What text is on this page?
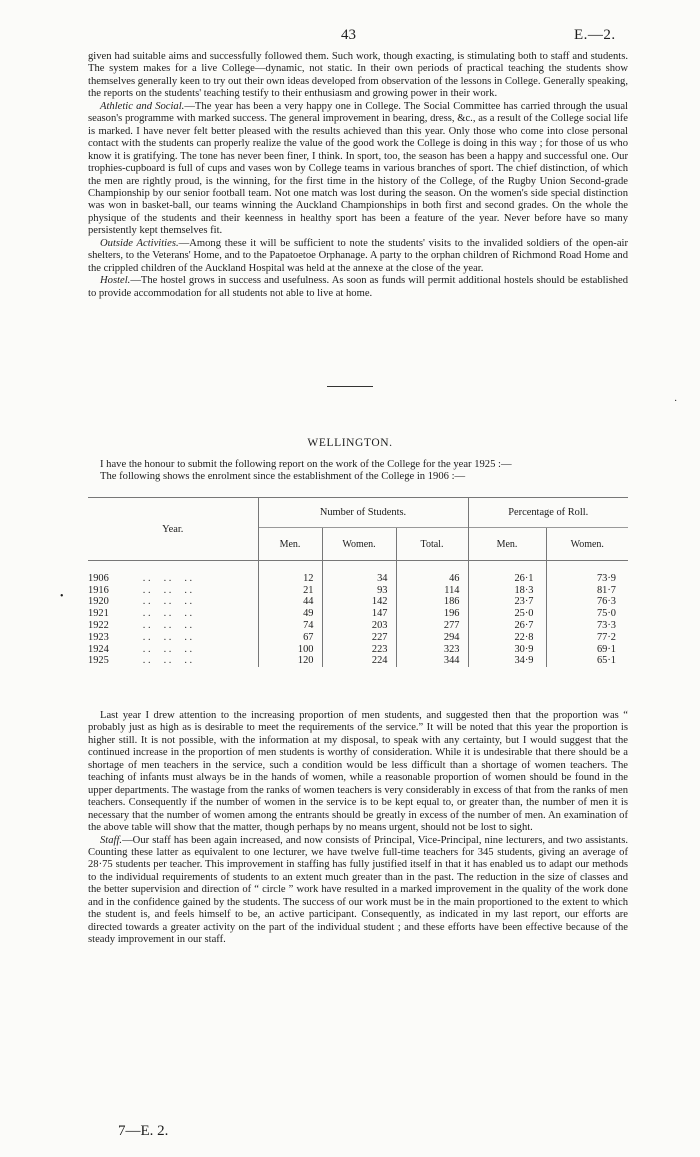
43	E.—2.

given had suitable aims and successfully followed them. Such work, though exacting, is stimulating both to staff and students. The system makes for a live College—dynamic, not static. In their own periods of practical teaching the students show themselves generally keen to try out their own ideas developed from observation of the lessons in College. Generally speaking, the reports on the students' teaching testify to their enthusiasm and growing power in their work.

Athletic and Social.—The year has been a very happy one in College. The Social Committee has carried through the usual season's programme with marked success. The general improvement in bearing, dress, &c., as a result of the College social life is marked. I have never felt better pleased with the results achieved than this year. Only those who come into close personal contact with the students can properly realize the value of the good work the College is doing in this way ; for those of us who know it is gratifying. The tone has never been finer, I think. In sport, too, the season has been a happy and successful one. Our trophies-cupboard is full of cups and vases won by College teams in various branches of sport. The chief distinction, of which the men are rightly proud, is the winning, for the first time in the history of the College, of the Rugby Union Second-grade Championship by our senior football team. Not one match was lost during the season. On the women's side special distinction was won in basket-ball, our teams winning the Auckland Championships in both first and second grades. On the whole the physique of the students and their keenness in healthy sport has been a feature of the year. Never before have so many persistently kept themselves fit.

Outside Activities.—Among these it will be sufficient to note the students' visits to the invalided soldiers of the open-air shelters, to the Veterans' Home, and to the Papatoetoe Orphanage. A party to the orphan children of Richmond Road Home and the crippled children of the Auckland Hospital was held at the annexe at the close of the year.

Hostel.—The hostel grows in success and usefulness. As soon as funds will permit additional hostels should be established to provide accommodation for all students not able to live at home.

·
WELLINGTON.

I have the honour to submit the following report on the work of the College for the year 1925 :—

The following shows the enrolment since the establishment of the College in 1906 :—

Year.	Number of Students.			Percentage of Roll.	
	Men.	Women.	Total.	Men.	Women.

1906 . .     . .     . .	12	34	46	26·1	73·9
1916 . .     . .     . .	21	93	114	18·3	81·7
1920 . .     . .     . .	44	142	186	23·7	76·3
1921 . .     . .     . .	49	147	196	25·0	75·0
1922 . .     . .     . .	74	203	277	26·7	73·3
1923 . .     . .     . .	67	227	294	22·8	77·2
1924 . .     . .     . .	100	223	323	30·9	69·1
1925 . .     . .     . .	120	224	344	34·9	65·1
•

Last year I drew attention to the increasing proportion of men students, and suggested then that the proportion was “ probably just as high as is desirable to meet the requirements of the service.” It will be noted that this year the proportion is higher still. It is not possible, with the information at my disposal, to speak with any certainty, but I would suggest that the continued increase in the proportion of men students is worthy of consideration. While it is undesirable that there should be a shortage of men teachers in the service, such a condition would be less difficult than a shortage of women teachers. The teaching of infants must always be in the hands of women, while a reasonable proportion of women should be found in the upper departments. The wastage from the ranks of women teachers is very considerably in excess of that from the ranks of men teachers. Consequently if the number of women in the service is to be kept equal to, or greater than, the number of men it is necessary that the number of women among the entrants should be greatly in excess of the number of men. An examination of the above table will show that the matter, though perhaps by no means urgent, should not be lost to sight.

Staff.—Our staff has been again increased, and now consists of Principal, Vice-Principal, nine lecturers, and two assistants. Counting these latter as equivalent to one lecturer, we have twelve full-time teachers for 345 students, giving an average of 28·75 students per teacher. This improvement in staffing has fully justified itself in that it has enabled us to adapt our methods to the individual requirements of students to an extent much greater than in the past. The reduction in the size of classes and the better supervision and direction of “ circle ” work have resulted in a marked improvement in the quality of the work done and in the confidence gained by the students. The success of our work must be in the main proportioned to the extent to which the student is, and feels himself to be, an active participant. Consequently, as indicated in my last report, our efforts are directed towards a greater activity on the part of the individual student ; and these efforts have been effective because of the steady improvement in our staff.

7—E. 2.
